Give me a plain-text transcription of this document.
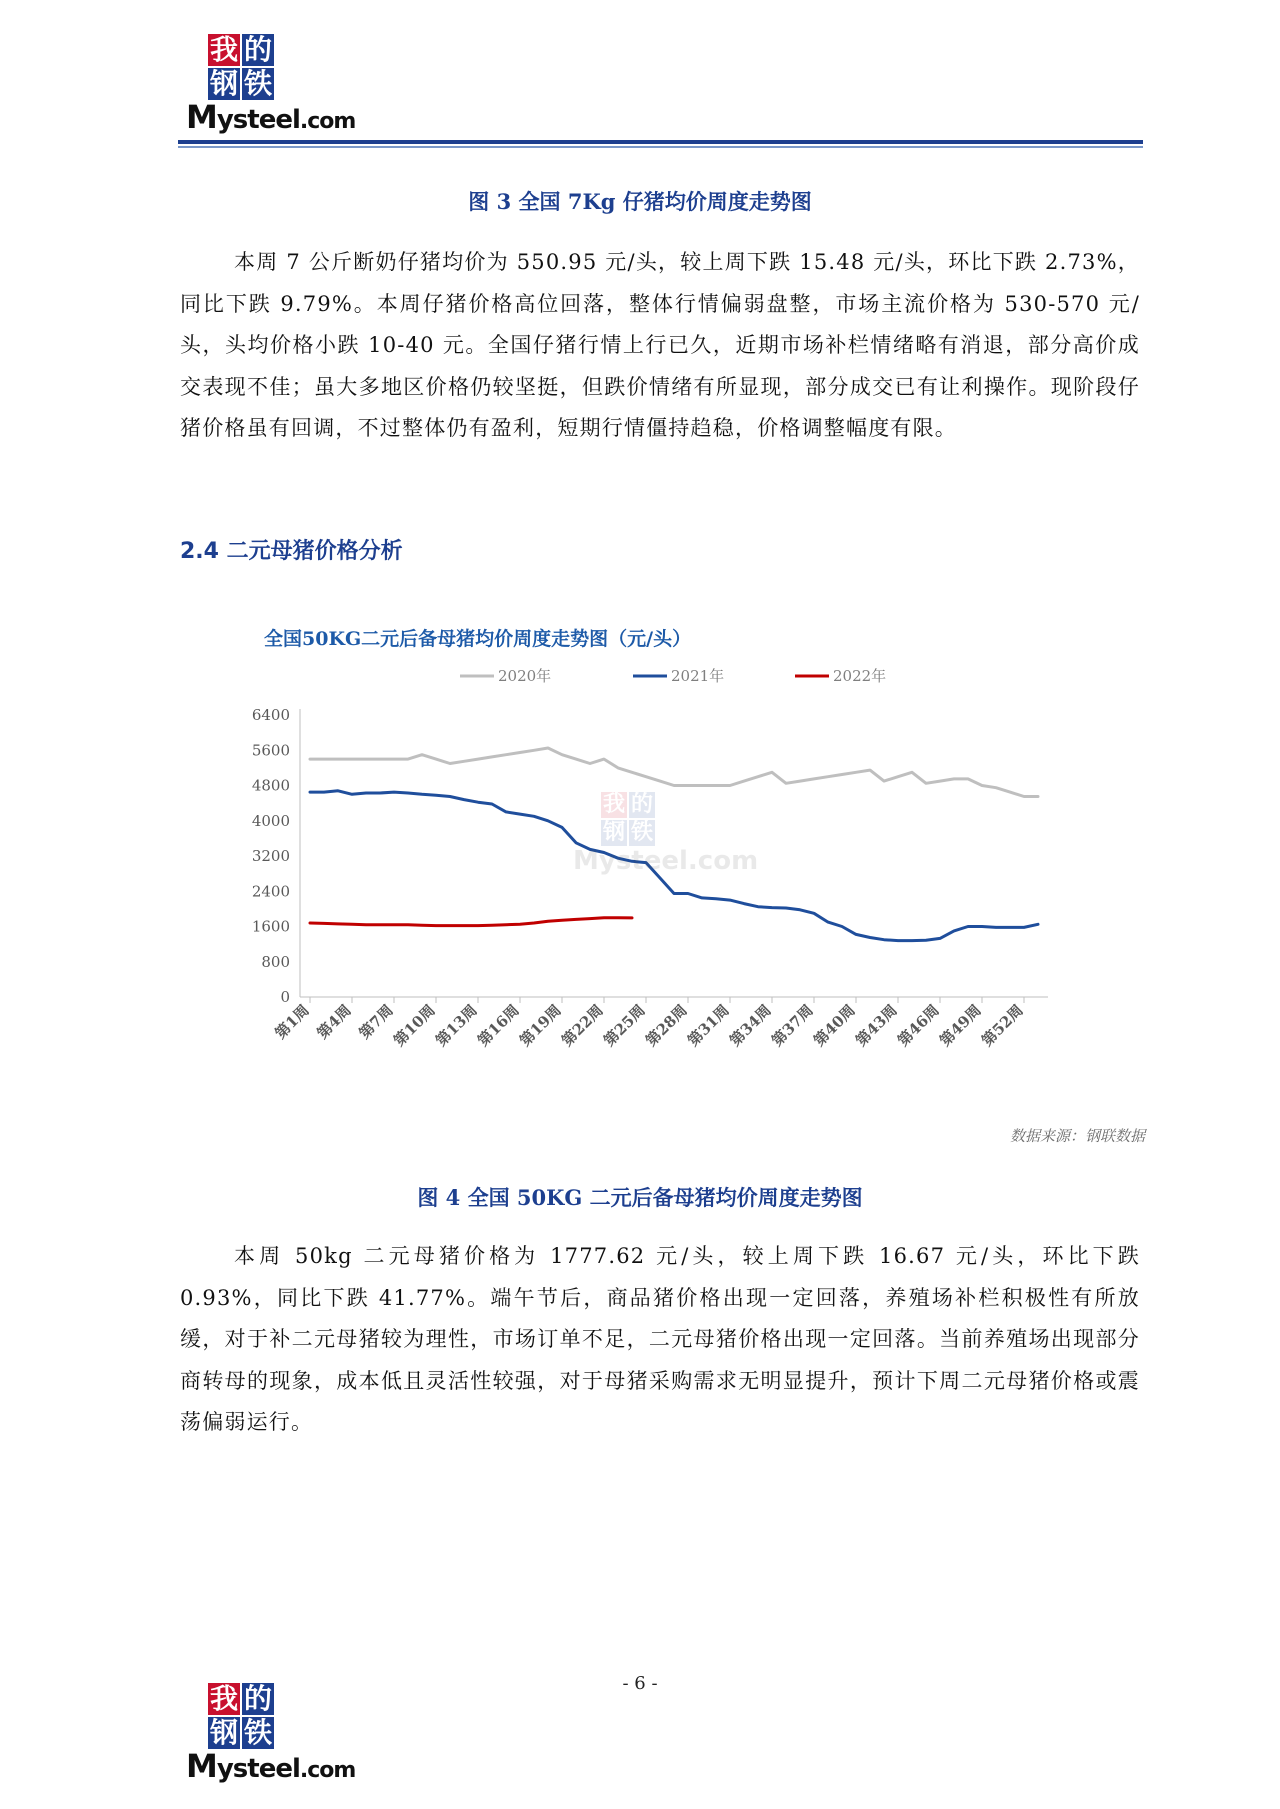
我 的
钢 铁
Mysteel.com
图 3 全国 7Kg 仔猪均价周度走势图

本周 7 公斤断奶仔猪均价为 550.95 元/头，较上周下跌 15.48 元/头，环比下跌 2.73%，同比下跌 9.79%。本周仔猪价格高位回落，整体行情偏弱盘整，市场主流价格为 530-570 元/头，头均价格小跌 10-40 元。全国仔猪行情上行已久，近期市场补栏情绪略有消退，部分高价成交表现不佳；虽大多地区价格仍较坚挺，但跌价情绪有所显现，部分成交已有让利操作。现阶段仔猪价格虽有回调，不过整体仍有盈利，短期行情僵持趋稳，价格调整幅度有限。

2.4 二元母猪价格分析
全国50KG二元后备母猪均价周度走势图（元/头）
2020年	2021年	2022年
0
800
1600
2400
3200
4000
4800
5600
6400
第1周 第4周 第7周
第10周
第13周
第16周
第19周
第22周
第25周
第28周
第31周
第34周
第37周
第40周
第43周
第46周
第49周
第52周
我 的
钢 铁
Mysteel.com
数据来源：钢联数据
图 4 全国 50KG 二元后备母猪均价周度走势图

本周 50kg 二元母猪价格为 1777.62 元/头，较上周下跌 16.67 元/头，环比下跌 0.93%，同比下跌 41.77%。端午节后，商品猪价格出现一定回落，养殖场补栏积极性有所放缓，对于补二元母猪较为理性，市场订单不足，二元母猪价格出现一定回落。当前养殖场出现部分商转母的现象，成本低且灵活性较强，对于母猪采购需求无明显提升，预计下周二元母猪价格或震荡偏弱运行。

- 6 -
我 的
钢 铁
Mysteel.com
